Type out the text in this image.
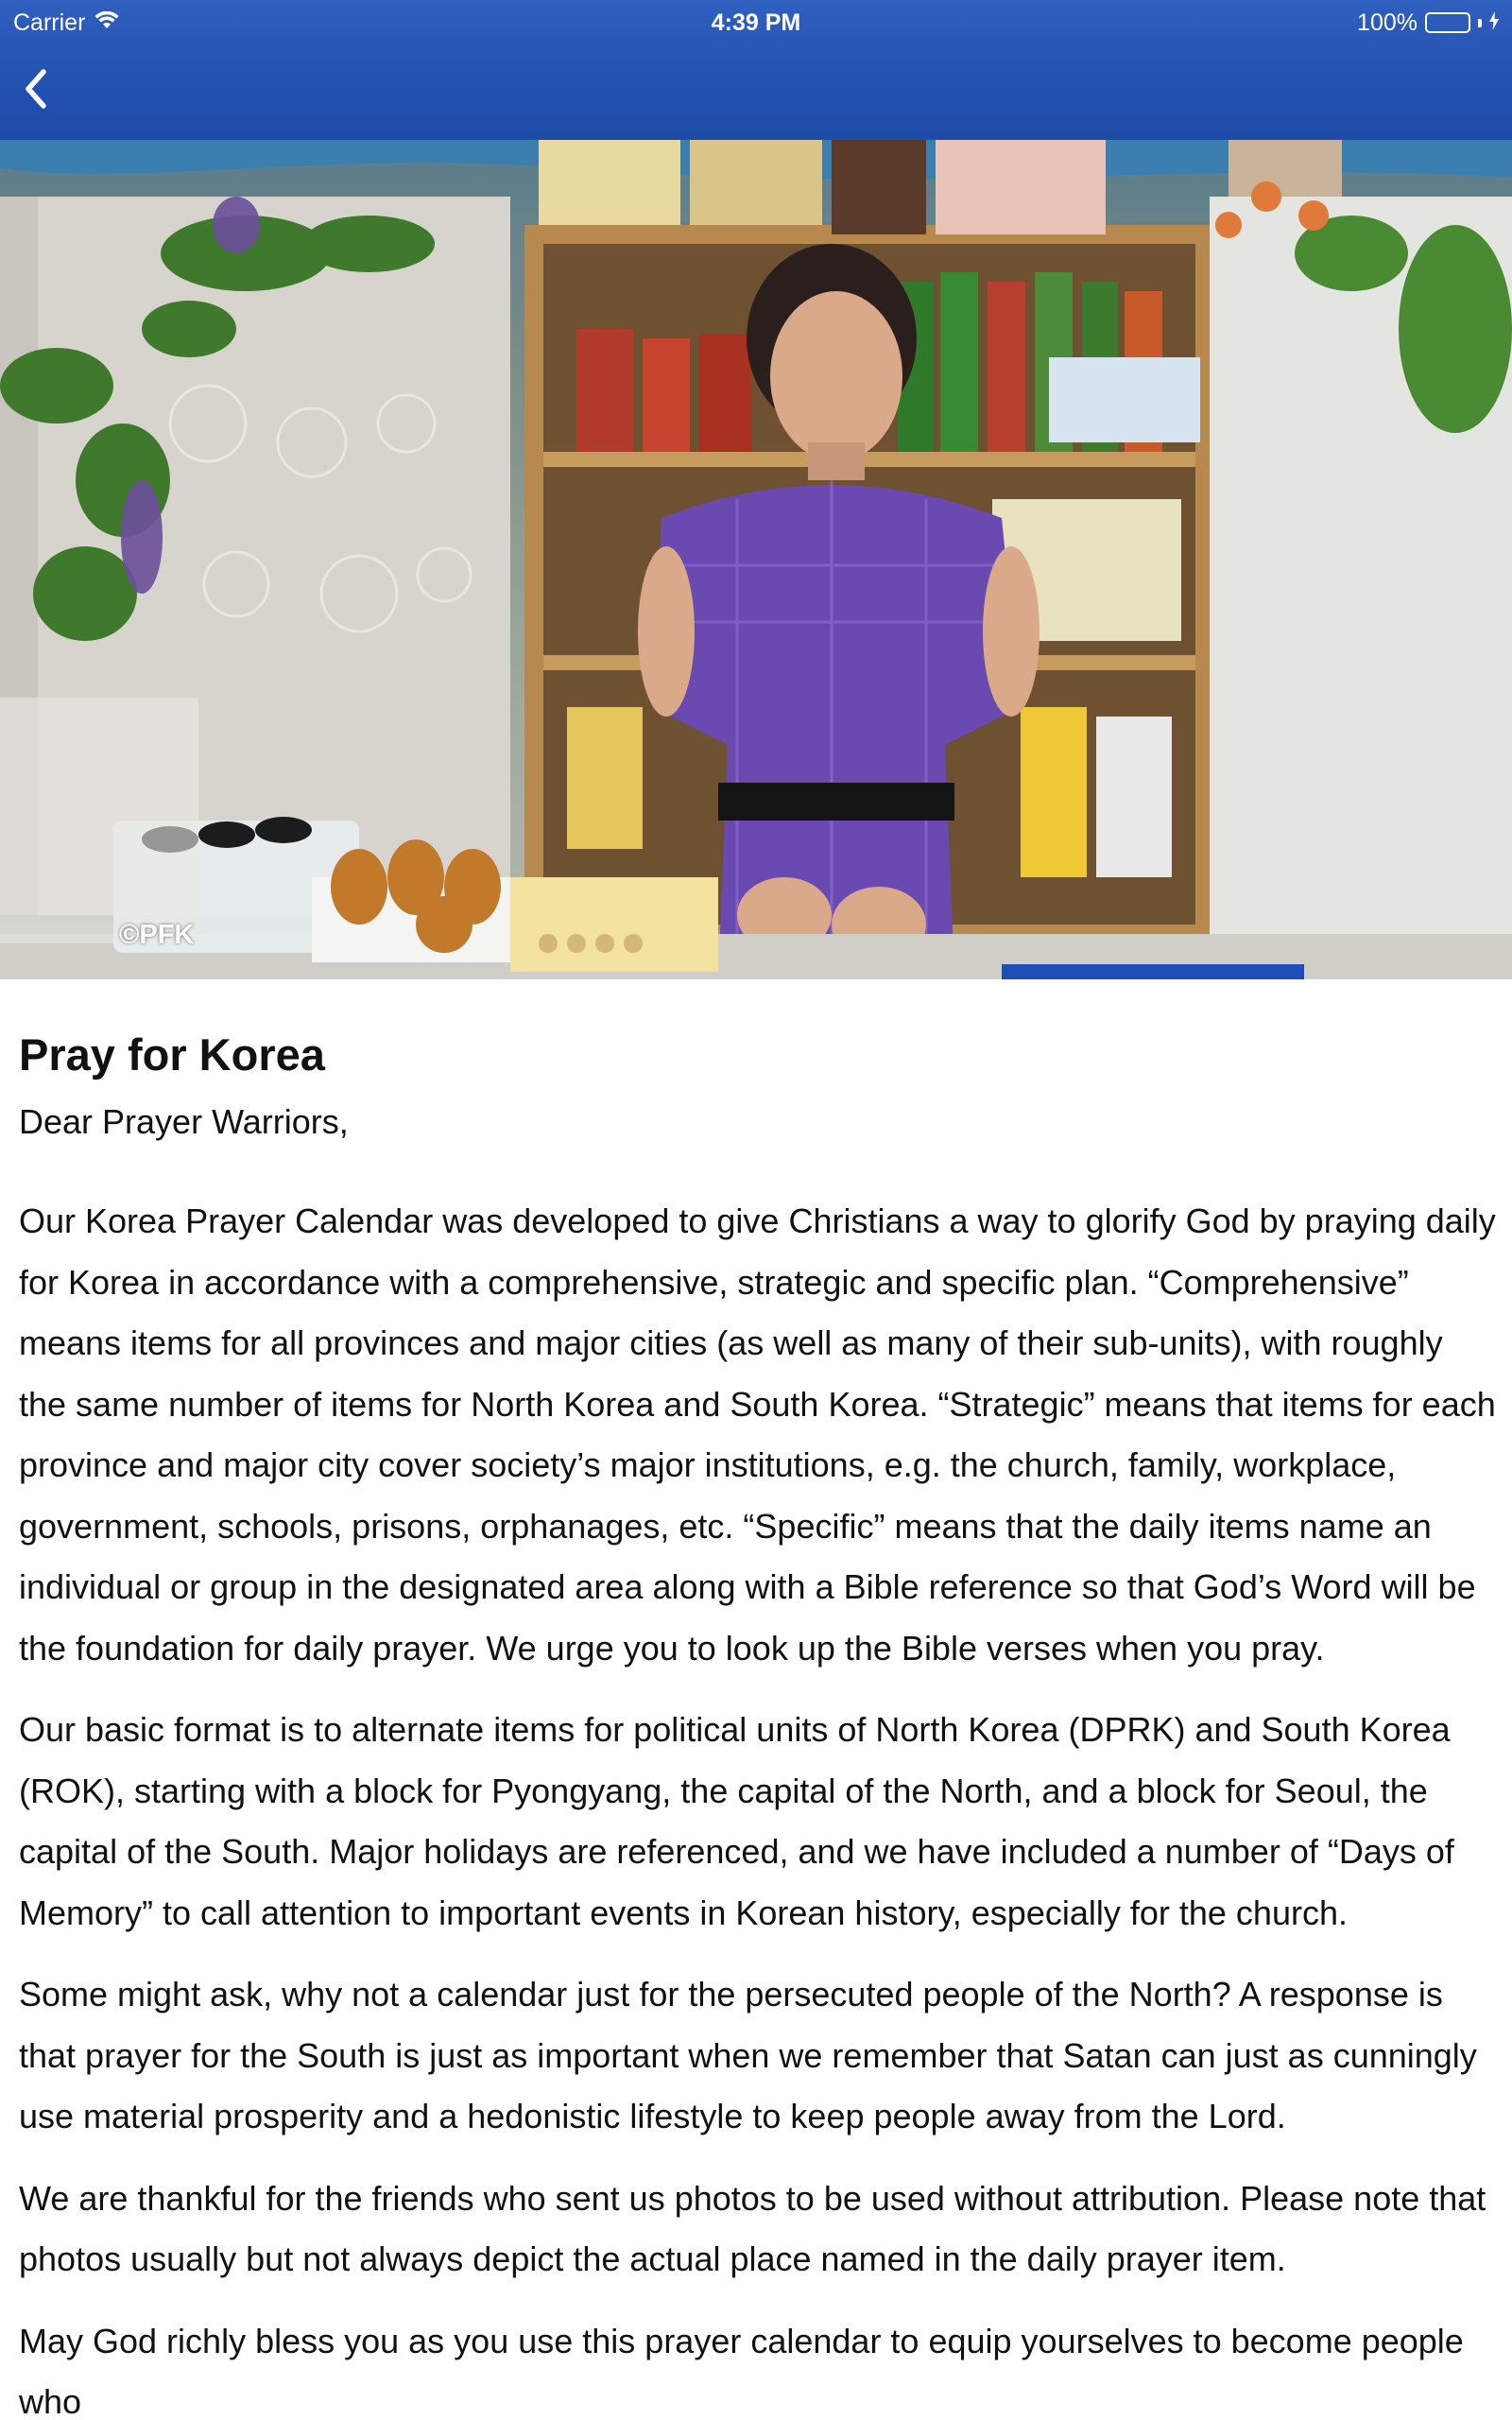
Carrier	4:39 PM	100%
©PFK
Pray for Korea

Dear Prayer Warriors,

Our Korea Prayer Calendar was developed to give Christians a way to glorify God by praying daily for Korea in accordance with a comprehensive, strategic and specific plan. “Comprehensive” means items for all provinces and major cities (as well as many of their sub-units), with roughly the same number of items for North Korea and South Korea. “Strategic” means that items for each province and major city cover society’s major institutions, e.g. the church, family, workplace, government, schools, prisons, orphanages, etc. “Specific” means that the daily items name an individual or group in the designated area along with a Bible reference so that God’s Word will be the foundation for daily prayer. We urge you to look up the Bible verses when you pray.

Our basic format is to alternate items for political units of North Korea (DPRK) and South Korea (ROK), starting with a block for Pyongyang, the capital of the North, and a block for Seoul, the capital of the South. Major holidays are referenced, and we have included a number of “Days of Memory” to call attention to important events in Korean history, especially for the church.

Some might ask, why not a calendar just for the persecuted people of the North? A response is that prayer for the South is just as important when we remember that Satan can just as cunningly use material prosperity and a hedonistic lifestyle to keep people away from the Lord.

We are thankful for the friends who sent us photos to be used without attribution. Please note that photos usually but not always depict the actual place named in the daily prayer item.

May God richly bless you as you use this prayer calendar to equip yourselves to become people who
